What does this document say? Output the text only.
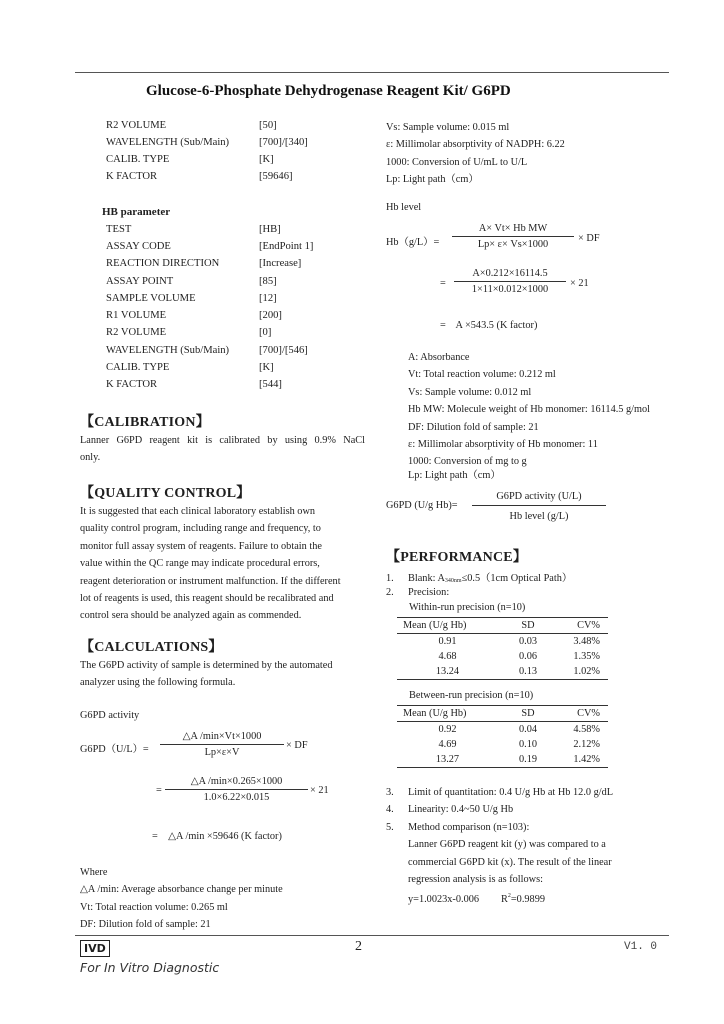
Glucose-6-Phosphate Dehydrogenase Reagent Kit/ G6PD
R2 VOLUME	[50]
WAVELENGTH (Sub/Main)	[700]/[340]
CALIB. TYPE	[K]
K FACTOR	[59646]
HB parameter
TEST	[HB]
ASSAY CODE	[EndPoint 1]
REACTION DIRECTION	[Increase]
ASSAY POINT	[85]
SAMPLE VOLUME	[12]
R1 VOLUME	[200]
R2 VOLUME	[0]
WAVELENGTH (Sub/Main)	[700]/[546]
CALIB. TYPE	[K]
K FACTOR	[544]
【CALIBRATION】
Lanner G6PD reagent kit is calibrated by using 0.9% NaCl
only.
【QUALITY CONTROL】
It is suggested that each clinical laboratory establish own
quality control program, including range and frequency, to
monitor full assay system of reagents. Failure to obtain the
value within the QC range may indicate procedural errors,
reagent deterioration or instrument malfunction. If the different
lot of reagents is used, this reagent should be recalibrated and
control sera should be analyzed again as commended.
【CALCULATIONS】
The G6PD activity of sample is determined by the automated
analyzer using the following formula.
G6PD activity
G6PD（U/L）=
△A /min×Vt×1000
Lp×ε×V
× DF
=
△A /min×0.265×1000
1.0×6.22×0.015
× 21
=    △A /min ×59646 (K factor)
Where
△A /min: Average absorbance change per minute
Vt: Total reaction volume: 0.265 ml
DF: Dilution fold of sample: 21
Vs: Sample volume: 0.015 ml
ε: Millimolar absorptivity of NADPH: 6.22
1000: Conversion of U/mL to U/L
Lp: Light path（cm）
Hb level
Hb（g/L）=
A× Vt× Hb MW
Lp× ε× Vs×1000
× DF
=
A×0.212×16114.5
1×11×0.012×1000
× 21
=    A ×543.5 (K factor)
A: Absorbance
Vt: Total reaction volume: 0.212 ml
Vs: Sample volume: 0.012 ml
Hb MW: Molecule weight of Hb monomer: 16114.5 g/mol
DF: Dilution fold of sample: 21
ε: Millimolar absorptivity of Hb monomer: 11
1000: Conversion of mg to g
Lp: Light path（cm）
G6PD (U/g Hb)=
G6PD activity (U/L)
Hb level (g/L)
【PERFORMANCE】
1. Blank: $A_{340nm}\le 0.5(1cm$ Optical Path）
2. Precision:
Within-run precision (n=10)
Mean (U/g Hb)	SD	CV%
0.91	0.03	3.48%
4.68	0.06	1.35%
13.24	0.13	1.02%
Between-run precision (n=10)
Mean (U/g Hb)	SD	CV%
0.92	0.04	4.58%
4.69	0.10	2.12%
13.27	0.19	1.42%
3. Limit of quantitation: 0.4 U/g Hb at Hb 12.0 g/dL
4. Linearity: 0.4~50 U/g Hb
5. Method comparison (n=103):
Lanner G6PD reagent kit (y) was compared to a
commercial G6PD kit (x). The result of the linear
regression analysis is as follows:
y=1.0023x-0.006 $R^2=0.9899$
IVD
For In Vitro Diagnostic
2	V1. 0
